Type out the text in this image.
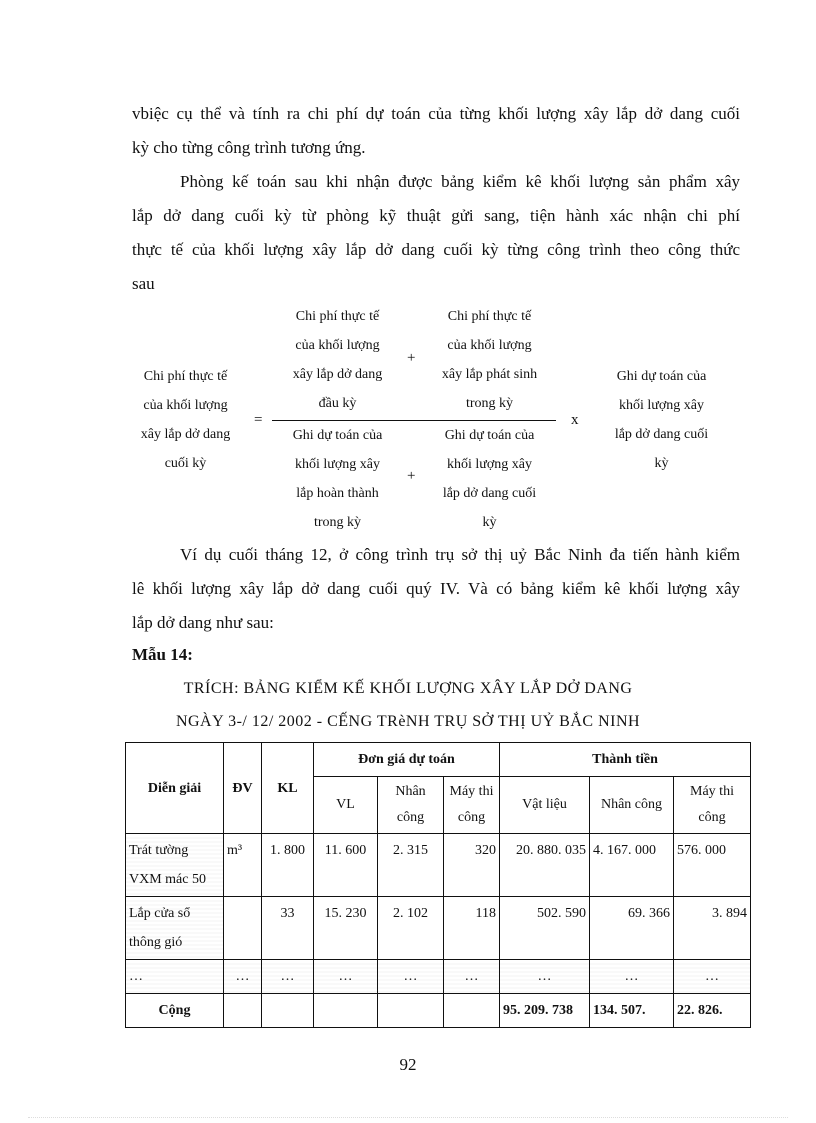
vbiệc cụ thể và tính ra chi phí dự toán của từng khối lượng xây lắp dở dang cuối
kỳ cho từng công trình tương ứng.
Phòng kế toán sau khi nhận được bảng kiểm kê khối lượng sản phẩm xây
lắp dở dang cuối kỳ từ phòng kỹ thuật gửi sang, tiện hành xác nhận chi phí
thực tế của khối lượng xây lắp dở dang cuối kỳ từng công trình theo công thức
sau
Chi phí thực tế
của khối lượng
xây lắp dở dang
cuối kỳ
=
Chi phí thực tế
của khối lượng
xây lắp dở dang
đầu kỳ
+
Chi phí thực tế
của khối lượng
xây lắp phát sinh
trong kỳ
Ghi dự toán của
khối lượng xây
lắp hoàn thành
trong kỳ
+
Ghi dự toán của
khối lượng xây
lắp dở dang cuối
kỳ
x
Ghi dự toán của
khối lượng xây
lắp dở dang cuối
kỳ
Ví dụ cuối tháng 12, ở công trình trụ sở thị uỷ Bắc Ninh đa tiến hành kiểm
lê khối lượng xây lắp dở dang cuối quý IV. Và có bảng kiểm kê khối lượng xây
lắp dở dang như sau:
Mẫu 14:
TRÍCH: BẢNG KIỂM KẾ KHỐI LƯỢNG XÂY LẮP DỞ DANG
NGÀY 3-/ 12/ 2002 - CẾNG TRèNH TRỤ SỞ THỊ UỶ BẮC NINH
Diễn giải	ĐV	KL	Đơn giá dự toán			Thành tiền		
			VL	Nhân công	Máy thi công	Vật liệu	Nhân công	Máy thi công
Trát tường VXM mác 50	m³	1. 800	11. 600	2. 315	320	20. 880. 035	4. 167. 000	576. 000
Lắp cửa sổ thông gió		33	15. 230	2. 102	118	502. 590	69. 366	3. 894
…	…	…	…	…	…	…	…	…
Cộng						95. 209. 738	134. 507.	22. 826.
92
